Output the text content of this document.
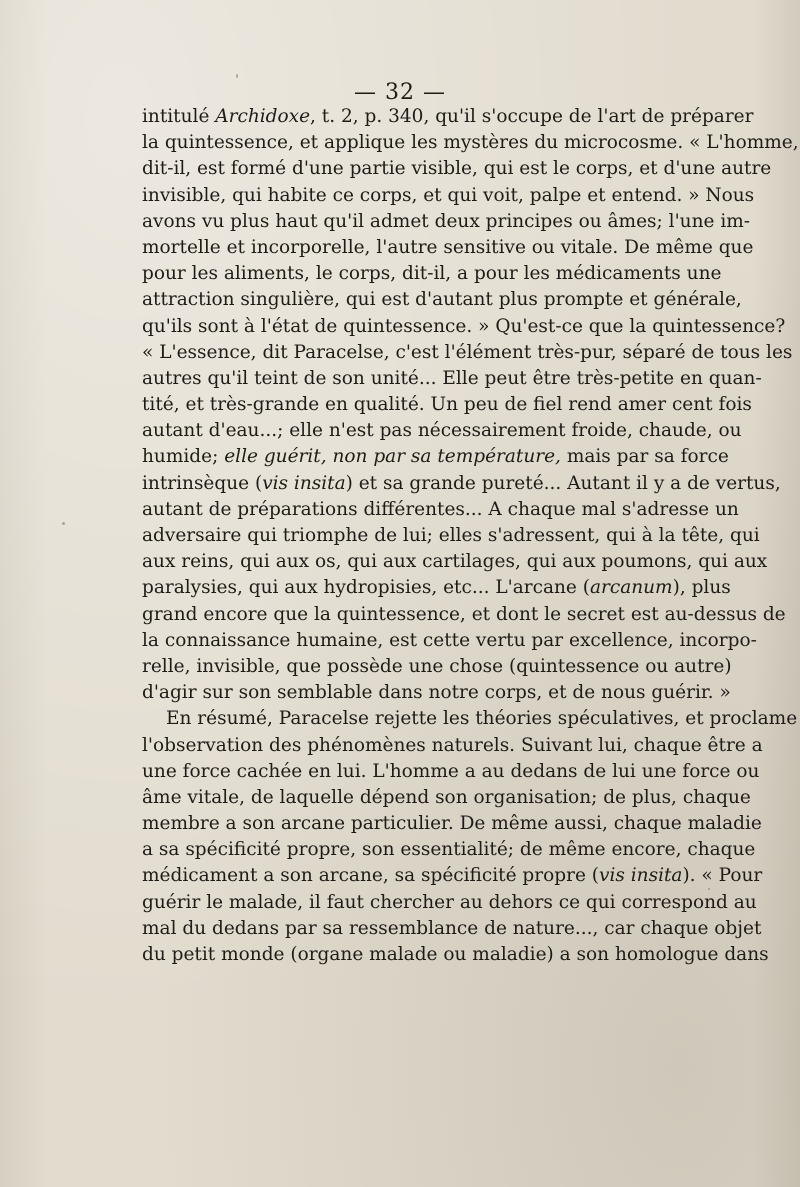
— 32 —
intitulé Archidoxe, t. 2, p. 340, qu'il s'occupe de l'art de préparer
la quintessence, et applique les mystères du microcosme. « L'homme,
dit-il, est formé d'une partie visible, qui est le corps, et d'une autre
invisible, qui habite ce corps, et qui voit, palpe et entend. » Nous
avons vu plus haut qu'il admet deux principes ou âmes; l'une im-
mortelle et incorporelle, l'autre sensitive ou vitale. De même que
pour les aliments, le corps, dit-il, a pour les médicaments une
attraction singulière, qui est d'autant plus prompte et générale,
qu'ils sont à l'état de quintessence. » Qu'est-ce que la quintessence?
« L'essence, dit Paracelse, c'est l'élément très-pur, séparé de tous les
autres qu'il teint de son unité... Elle peut être très-petite en quan-
tité, et très-grande en qualité. Un peu de fiel rend amer cent fois
autant d'eau...; elle n'est pas nécessairement froide, chaude, ou
humide; elle guérit, non par sa température, mais par sa force
intrinsèque (vis insita) et sa grande pureté... Autant il y a de vertus,
autant de préparations différentes... A chaque mal s'adresse un
adversaire qui triomphe de lui; elles s'adressent, qui à la tête, qui
aux reins, qui aux os, qui aux cartilages, qui aux poumons, qui aux
paralysies, qui aux hydropisies, etc... L'arcane (arcanum), plus
grand encore que la quintessence, et dont le secret est au-dessus de
la connaissance humaine, est cette vertu par excellence, incorpo-
relle, invisible, que possède une chose (quintessence ou autre)
d'agir sur son semblable dans notre corps, et de nous guérir. »
En résumé, Paracelse rejette les théories spéculatives, et proclame
l'observation des phénomènes naturels. Suivant lui, chaque être a
une force cachée en lui. L'homme a au dedans de lui une force ou
âme vitale, de laquelle dépend son organisation; de plus, chaque
membre a son arcane particulier. De même aussi, chaque maladie
a sa spécificité propre, son essentialité; de même encore, chaque
médicament a son arcane, sa spécificité propre (vis insita). « Pour
guérir le malade, il faut chercher au dehors ce qui correspond au
mal du dedans par sa ressemblance de nature..., car chaque objet
du petit monde (organe malade ou maladie) a son homologue dans
